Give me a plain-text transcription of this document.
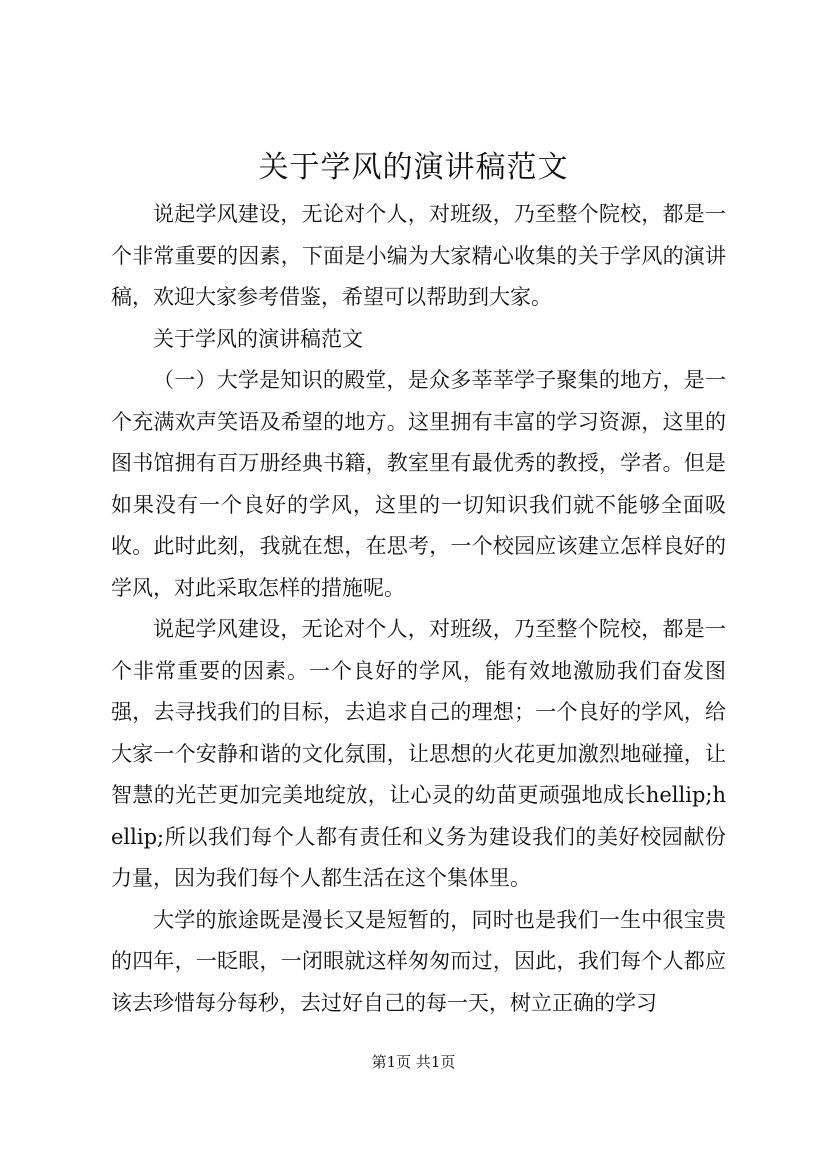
关于学风的演讲稿范文

说起学风建设，无论对个人，对班级，乃至整个院校，都是一个非常重要的因素，下面是小编为大家精心收集的关于学风的演讲稿，欢迎大家参考借鉴，希望可以帮助到大家。

关于学风的演讲稿范文

（一）大学是知识的殿堂，是众多莘莘学子聚集的地方，是一个充满欢声笑语及希望的地方。这里拥有丰富的学习资源，这里的图书馆拥有百万册经典书籍，教室里有最优秀的教授，学者。但是如果没有一个良好的学风，这里的一切知识我们就不能够全面吸收。此时此刻，我就在想，在思考，一个校园应该建立怎样良好的学风，对此采取怎样的措施呢。

说起学风建设，无论对个人，对班级，乃至整个院校，都是一个非常重要的因素。一个良好的学风，能有效地激励我们奋发图强，去寻找我们的目标，去追求自己的理想；一个良好的学风，给大家一个安静和谐的文化氛围，让思想的火花更加激烈地碰撞，让智慧的光芒更加完美地绽放，让心灵的幼苗更顽强地成长hellip;hellip;所以我们每个人都有责任和义务为建设我们的美好校园献份力量，因为我们每个人都生活在这个集体里。

大学的旅途既是漫长又是短暂的，同时也是我们一生中很宝贵的四年，一眨眼，一闭眼就这样匆匆而过，因此，我们每个人都应该去珍惜每分每秒，去过好自己的每一天，树立正确的学习

第1页 共1页
